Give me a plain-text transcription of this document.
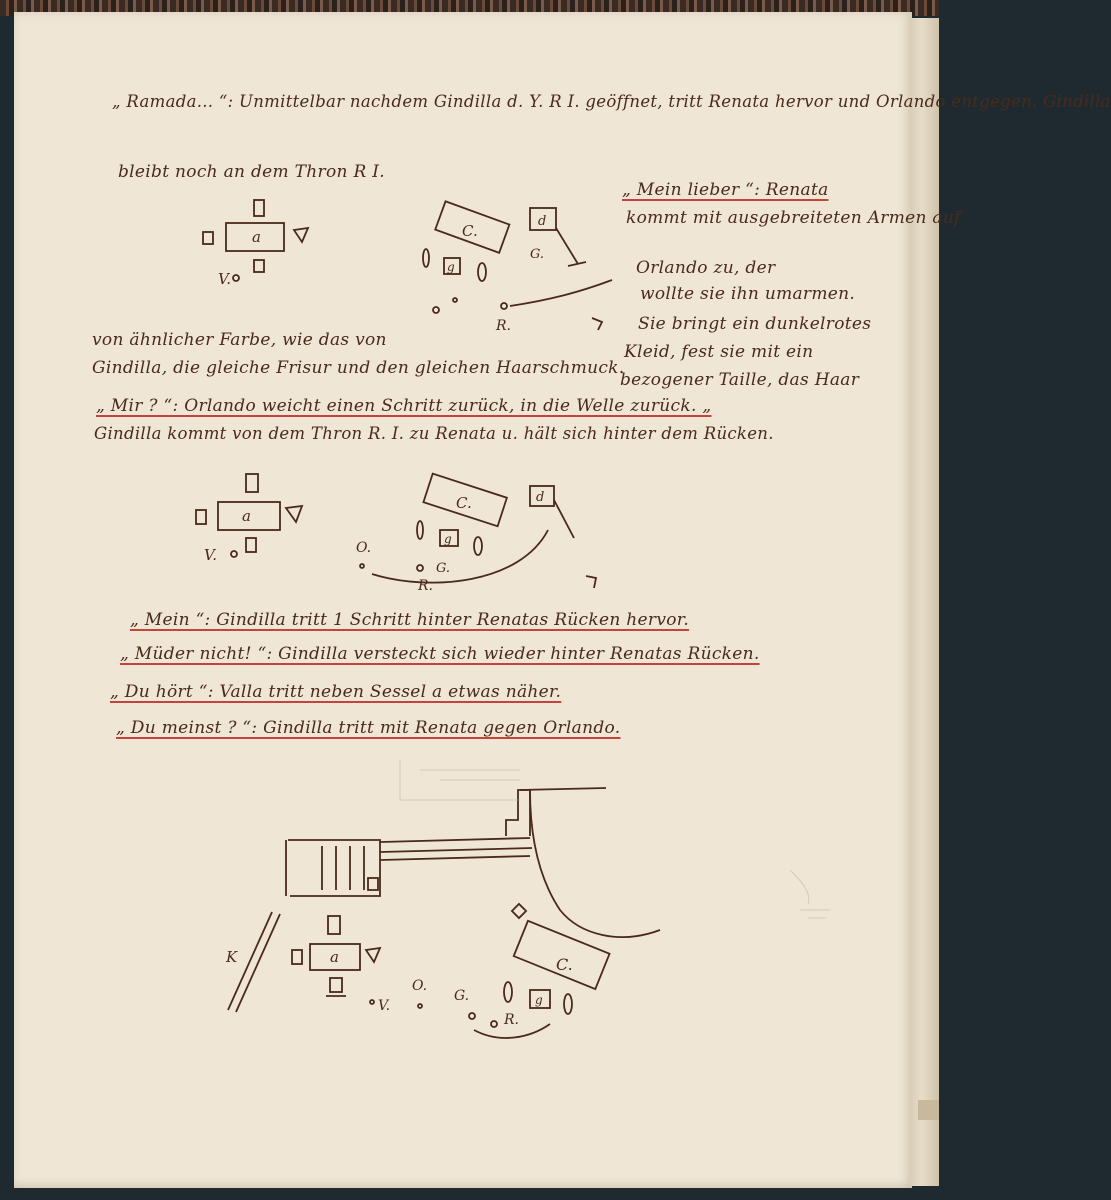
„ Ramada... “: Unmittelbar nachdem Gindilla d. Y. R I. geöffnet, tritt Renata hervor und Orlando entgegen. Gindilla
bleibt noch an dem Thron R I.
„ Mein lieber “: Renata
kommt mit ausgebreiteten Armen auf
Orlando zu, der
wollte sie ihn umarmen.
Sie bringt ein dunkelrotes
Kleid, fest sie mit ein
bezogener Taille, das Haar
von ähnlicher Farbe, wie das von
Gindilla, die gleiche Frisur und den gleichen Haarschmuck.
„ Mir ? “: Orlando weicht einen Schritt zurück, in die Welle zurück. „
Gindilla kommt von dem Thron R. I. zu Renata u. hält sich hinter dem Rücken.
„ Mein “: Gindilla tritt 1 Schritt hinter Renatas Rücken hervor.
„ Müder nicht! “: Gindilla versteckt sich wieder hinter Renatas Rücken.
„ Du hört “: Valla tritt neben Sessel a etwas näher.
„ Du meinst ? “: Gindilla tritt mit Renata gegen Orlando.
a
V.
C.
d
G.
g
R.
a
V.
C.	d
g
O.
G.
R.
C.
K	a
V.
O.
G.	g
R.
